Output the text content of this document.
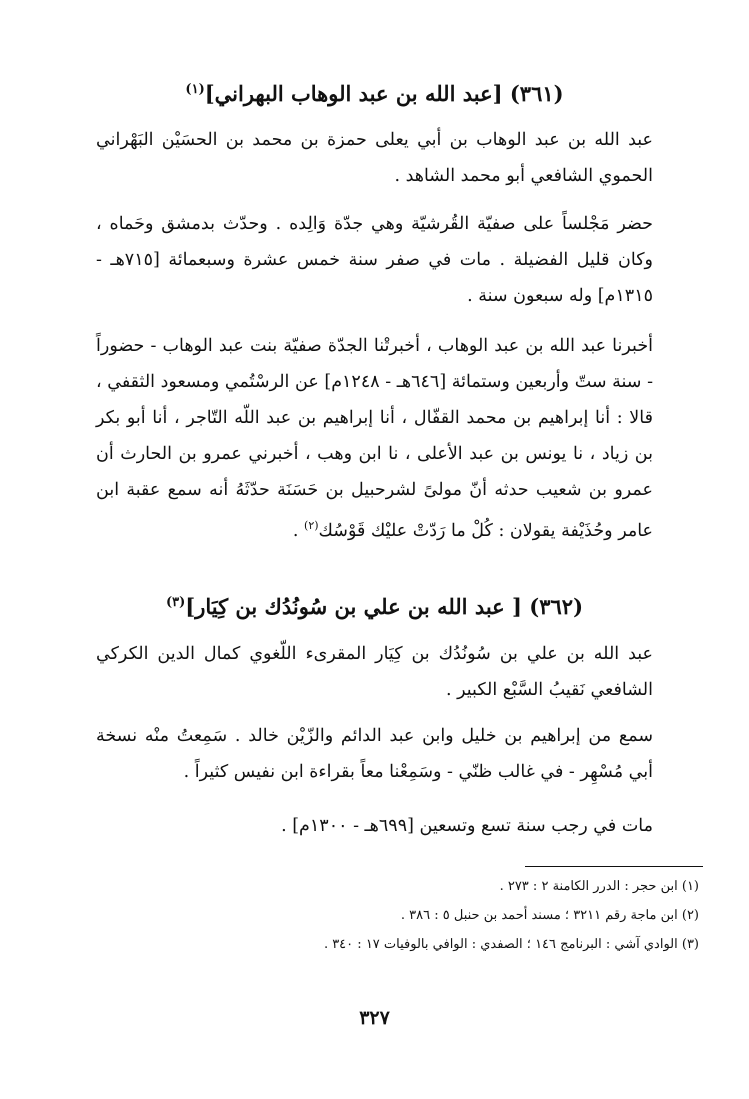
(٣٦١) [عبد الله بن عبد الوهاب البهراني]$^{(١)}$
عبد الله بن عبد الوهاب بن أبي يعلى حمزة بن محمد بن الحسَيْن البَهْراني الحموي الشافعي أبو محمد الشاهد .
حضر مَجْلساً على صفيّة القُرشيّة وهي جدّة وَالِده . وحدّث بدمشق وحَماه ، وكان قليل الفضيلة . مات في صفر سنة خمس عشرة وسبعمائة [٧١٥هـ - ١٣١٥م] وله سبعون سنة .
أخبرنا عبد الله بن عبد الوهاب ، أخبرتْنا الجدّة صفيّة بنت عبد الوهاب - حضوراً - سنة ستّ وأربعين وستمائة [٦٤٦هـ - ١٢٤٨م] عن الرسْتُمي ومسعود الثقفي ، قالا : أنا إبراهيم بن محمد القفّال ، أنا إبراهيم بن عبد اللّه التّاجر ، أنا أبو بكر بن زياد ، نا يونس بن عبد الأعلى ، نا ابن وهب ، أخبرني عمرو بن الحارث أن عمرو بن شعيب حدثه أنّ مولىً لشرحبيل بن حَسَنَة حدّثَهُ أنه سمع عقبة ابن عامر وحُذَيْفة يقولان : كُلْ ما رَدّتْ عليْك قَوْسُك$^{(٢)}$ .
(٣٦٢) [ عبد الله بن علي بن سُونُدُك بن كِيَار]$^{(٣)}$
عبد الله بن علي بن سُونُدُك بن كِيَار المقرىء اللّغوي كمال الدين الكركي الشافعي نَقيبُ السَّبْع الكبير .
سمع من إبراهيم بن خليل وابن عبد الدائم والزّيْن خالد . سَمِعتُ منْه نسخة أبي مُسْهِر - في غالب ظنّي - وسَمِعْنا معاً بقراءة ابن نفيس كثيراً .
مات في رجب سنة تسع وتسعين [٦٩٩هـ - ١٣٠٠م] .
(١) ابن حجر : الدرر الكامنة ٢ : ٢٧٣ .
(٢) ابن ماجة رقم ٣٢١١ ؛ مسند أحمد بن حنبل ٥ : ٣٨٦ .
(٣) الوادي آشي : البرنامج ١٤٦ ؛ الصفدي : الوافي بالوفيات ١٧ : ٣٤٠ .
٣٢٧
